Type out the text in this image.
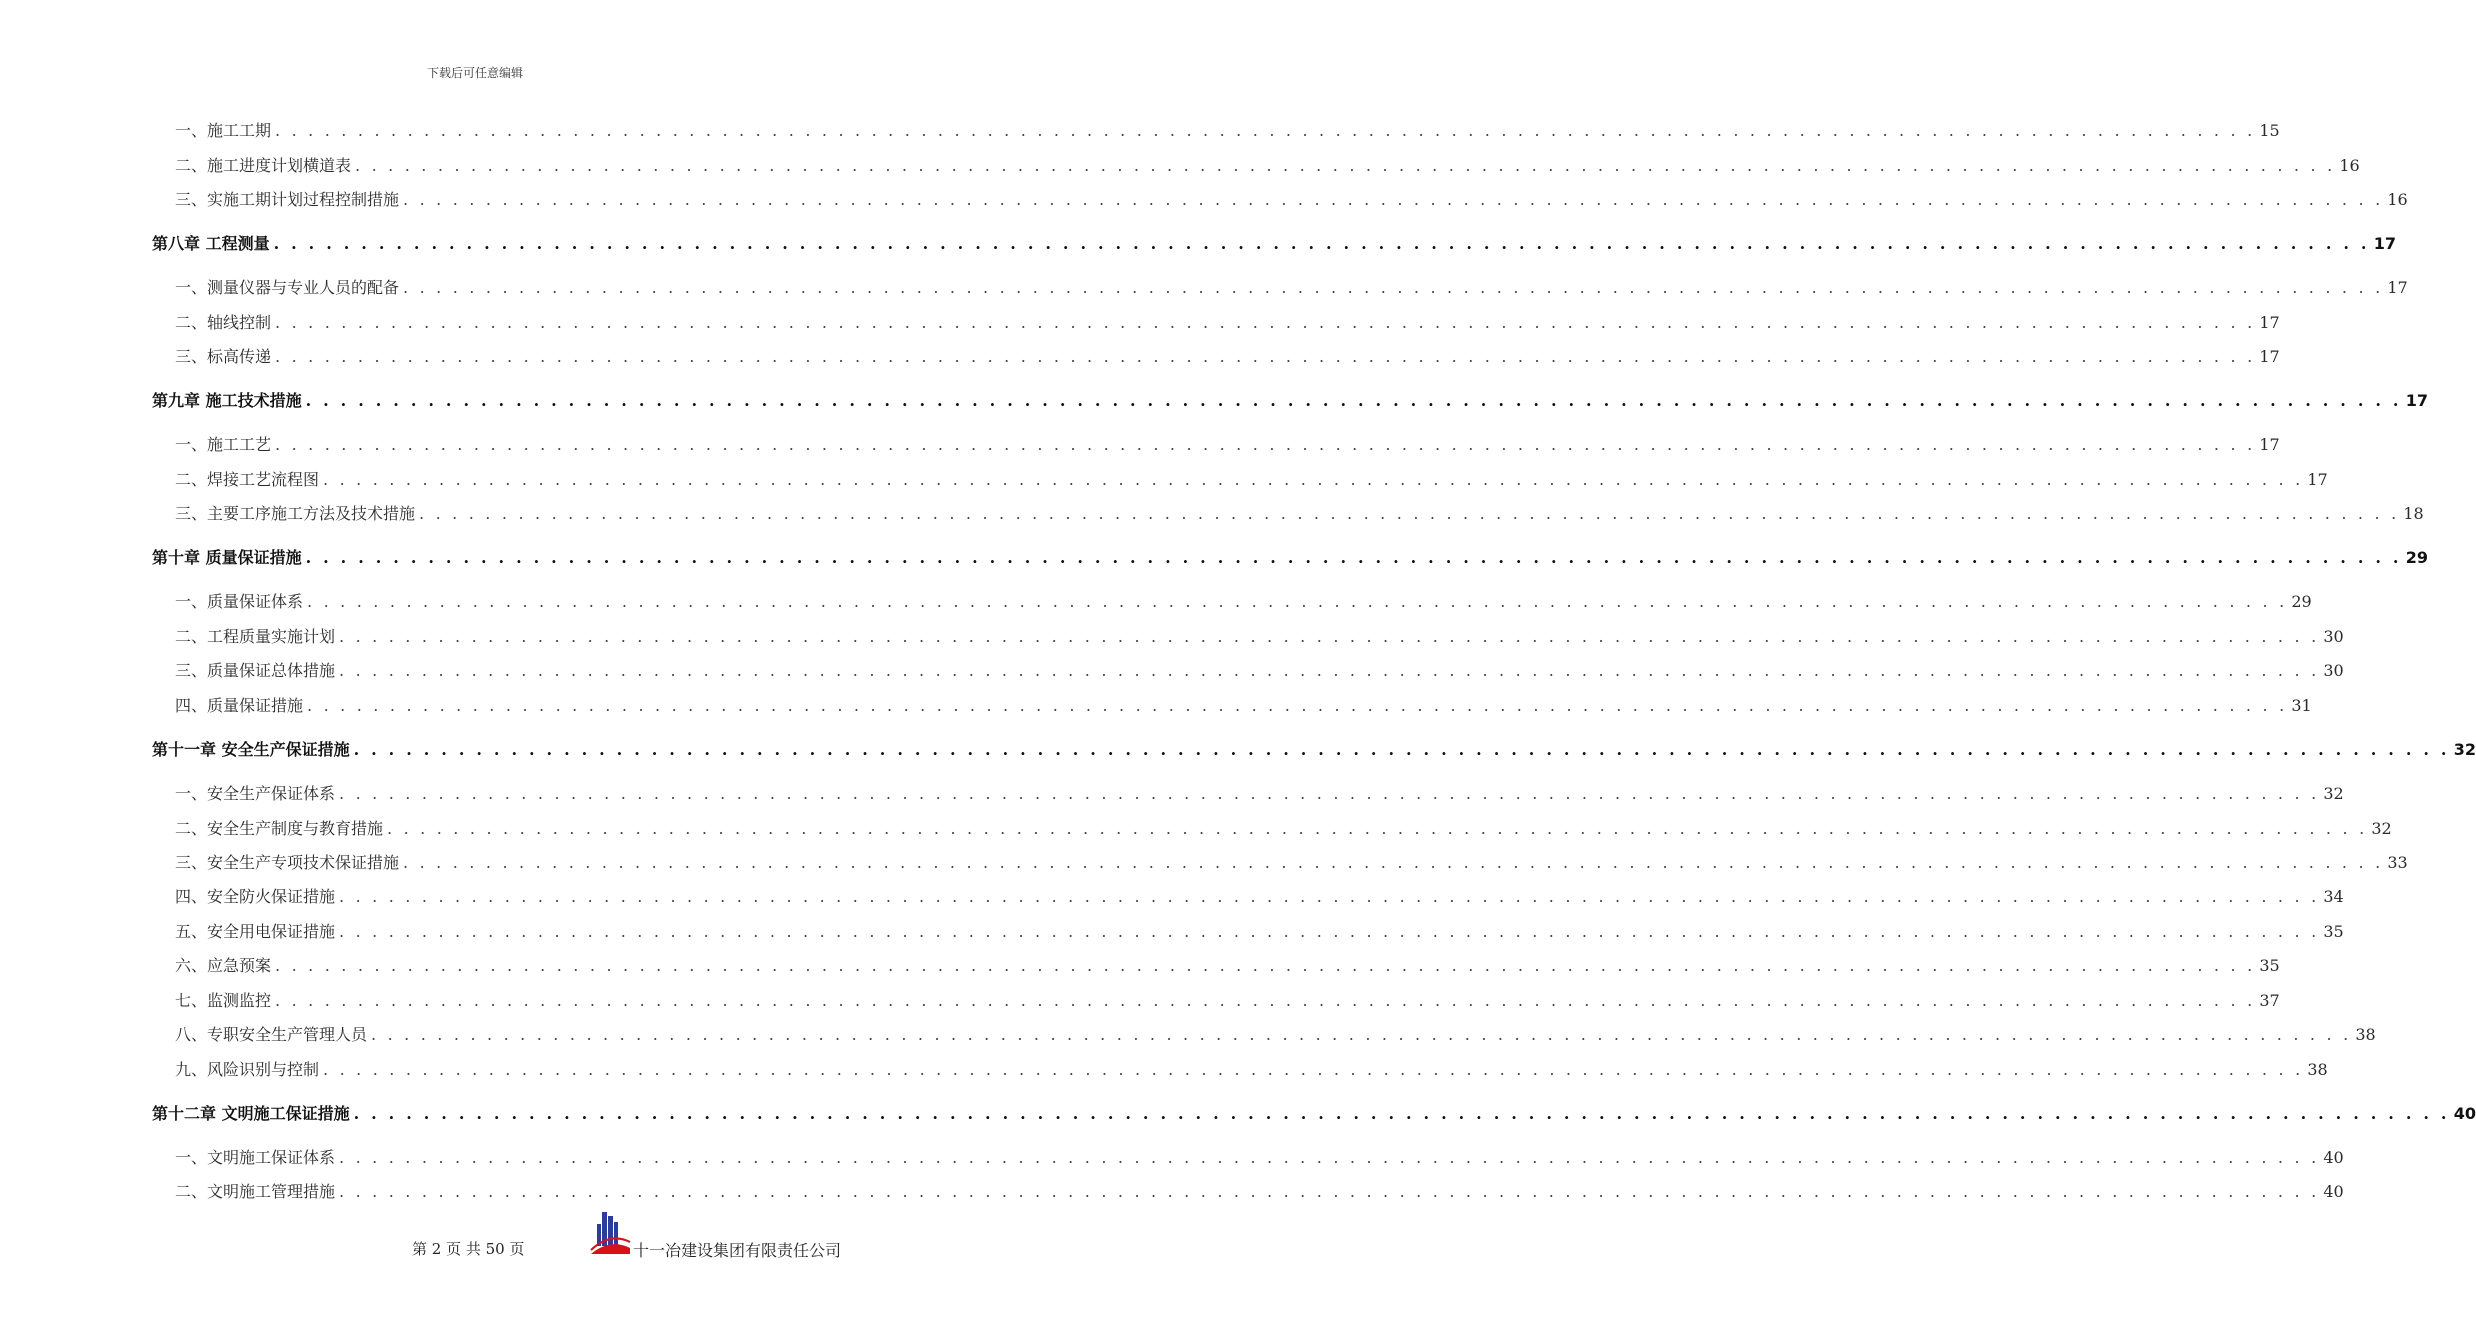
下载后可任意编辑
一、施工工期 . . . . . . . . . . . . . . . . . . . . . . . . . . . . . . . . . . . . . . . . . . . . . . . . . . . . . . . . . . . . . . . . . . . . . . . . . . . . . . . . . . . . . . . . . . . . . . . . . . . . . . . . . . . . . . . . . . . . . . . . 15
二、施工进度计划横道表 . . . . . . . . . . . . . . . . . . . . . . . . . . . . . . . . . . . . . . . . . . . . . . . . . . . . . . . . . . . . . . . . . . . . . . . . . . . . . . . . . . . . . . . . . . . . . . . . . . . . . . . . . . . . . . . . . . . . . . . . 16
三、实施工期计划过程控制措施 . . . . . . . . . . . . . . . . . . . . . . . . . . . . . . . . . . . . . . . . . . . . . . . . . . . . . . . . . . . . . . . . . . . . . . . . . . . . . . . . . . . . . . . . . . . . . . . . . . . . . . . . . . . . . . . . . . . . . . . . 16
第八章 工程测量 . . . . . . . . . . . . . . . . . . . . . . . . . . . . . . . . . . . . . . . . . . . . . . . . . . . . . . . . . . . . . . . . . . . . . . . . . . . . . . . . . . . . . . . . . . . . . . . . . . . . . . . . . . . . . . . . . . . . . . . . 17
一、测量仪器与专业人员的配备 . . . . . . . . . . . . . . . . . . . . . . . . . . . . . . . . . . . . . . . . . . . . . . . . . . . . . . . . . . . . . . . . . . . . . . . . . . . . . . . . . . . . . . . . . . . . . . . . . . . . . . . . . . . . . . . . . . . . . . . . 17
二、轴线控制 . . . . . . . . . . . . . . . . . . . . . . . . . . . . . . . . . . . . . . . . . . . . . . . . . . . . . . . . . . . . . . . . . . . . . . . . . . . . . . . . . . . . . . . . . . . . . . . . . . . . . . . . . . . . . . . . . . . . . . . . 17
三、标高传递 . . . . . . . . . . . . . . . . . . . . . . . . . . . . . . . . . . . . . . . . . . . . . . . . . . . . . . . . . . . . . . . . . . . . . . . . . . . . . . . . . . . . . . . . . . . . . . . . . . . . . . . . . . . . . . . . . . . . . . . . 17
第九章 施工技术措施 . . . . . . . . . . . . . . . . . . . . . . . . . . . . . . . . . . . . . . . . . . . . . . . . . . . . . . . . . . . . . . . . . . . . . . . . . . . . . . . . . . . . . . . . . . . . . . . . . . . . . . . . . . . . . . . . . . . . . . . . 17
一、施工工艺 . . . . . . . . . . . . . . . . . . . . . . . . . . . . . . . . . . . . . . . . . . . . . . . . . . . . . . . . . . . . . . . . . . . . . . . . . . . . . . . . . . . . . . . . . . . . . . . . . . . . . . . . . . . . . . . . . . . . . . . . 17
二、焊接工艺流程图 . . . . . . . . . . . . . . . . . . . . . . . . . . . . . . . . . . . . . . . . . . . . . . . . . . . . . . . . . . . . . . . . . . . . . . . . . . . . . . . . . . . . . . . . . . . . . . . . . . . . . . . . . . . . . . . . . . . . . . . . 17
三、主要工序施工方法及技术措施 . . . . . . . . . . . . . . . . . . . . . . . . . . . . . . . . . . . . . . . . . . . . . . . . . . . . . . . . . . . . . . . . . . . . . . . . . . . . . . . . . . . . . . . . . . . . . . . . . . . . . . . . . . . . . . . . . . . . . . . . 18
第十章 质量保证措施 . . . . . . . . . . . . . . . . . . . . . . . . . . . . . . . . . . . . . . . . . . . . . . . . . . . . . . . . . . . . . . . . . . . . . . . . . . . . . . . . . . . . . . . . . . . . . . . . . . . . . . . . . . . . . . . . . . . . . . . . 29
一、质量保证体系 . . . . . . . . . . . . . . . . . . . . . . . . . . . . . . . . . . . . . . . . . . . . . . . . . . . . . . . . . . . . . . . . . . . . . . . . . . . . . . . . . . . . . . . . . . . . . . . . . . . . . . . . . . . . . . . . . . . . . . . . 29
二、工程质量实施计划 . . . . . . . . . . . . . . . . . . . . . . . . . . . . . . . . . . . . . . . . . . . . . . . . . . . . . . . . . . . . . . . . . . . . . . . . . . . . . . . . . . . . . . . . . . . . . . . . . . . . . . . . . . . . . . . . . . . . . . . . 30
三、质量保证总体措施 . . . . . . . . . . . . . . . . . . . . . . . . . . . . . . . . . . . . . . . . . . . . . . . . . . . . . . . . . . . . . . . . . . . . . . . . . . . . . . . . . . . . . . . . . . . . . . . . . . . . . . . . . . . . . . . . . . . . . . . . 30
四、质量保证措施 . . . . . . . . . . . . . . . . . . . . . . . . . . . . . . . . . . . . . . . . . . . . . . . . . . . . . . . . . . . . . . . . . . . . . . . . . . . . . . . . . . . . . . . . . . . . . . . . . . . . . . . . . . . . . . . . . . . . . . . . 31
第十一章 安全生产保证措施 . . . . . . . . . . . . . . . . . . . . . . . . . . . . . . . . . . . . . . . . . . . . . . . . . . . . . . . . . . . . . . . . . . . . . . . . . . . . . . . . . . . . . . . . . . . . . . . . . . . . . . . . . . . . . . . . . . . . . . . . 32
一、安全生产保证体系 . . . . . . . . . . . . . . . . . . . . . . . . . . . . . . . . . . . . . . . . . . . . . . . . . . . . . . . . . . . . . . . . . . . . . . . . . . . . . . . . . . . . . . . . . . . . . . . . . . . . . . . . . . . . . . . . . . . . . . . . 32
二、安全生产制度与教育措施 . . . . . . . . . . . . . . . . . . . . . . . . . . . . . . . . . . . . . . . . . . . . . . . . . . . . . . . . . . . . . . . . . . . . . . . . . . . . . . . . . . . . . . . . . . . . . . . . . . . . . . . . . . . . . . . . . . . . . . . . 32
三、安全生产专项技术保证措施 . . . . . . . . . . . . . . . . . . . . . . . . . . . . . . . . . . . . . . . . . . . . . . . . . . . . . . . . . . . . . . . . . . . . . . . . . . . . . . . . . . . . . . . . . . . . . . . . . . . . . . . . . . . . . . . . . . . . . . . . 33
四、安全防火保证措施 . . . . . . . . . . . . . . . . . . . . . . . . . . . . . . . . . . . . . . . . . . . . . . . . . . . . . . . . . . . . . . . . . . . . . . . . . . . . . . . . . . . . . . . . . . . . . . . . . . . . . . . . . . . . . . . . . . . . . . . . 34
五、安全用电保证措施 . . . . . . . . . . . . . . . . . . . . . . . . . . . . . . . . . . . . . . . . . . . . . . . . . . . . . . . . . . . . . . . . . . . . . . . . . . . . . . . . . . . . . . . . . . . . . . . . . . . . . . . . . . . . . . . . . . . . . . . . 35
六、应急预案 . . . . . . . . . . . . . . . . . . . . . . . . . . . . . . . . . . . . . . . . . . . . . . . . . . . . . . . . . . . . . . . . . . . . . . . . . . . . . . . . . . . . . . . . . . . . . . . . . . . . . . . . . . . . . . . . . . . . . . . . 35
七、监测监控 . . . . . . . . . . . . . . . . . . . . . . . . . . . . . . . . . . . . . . . . . . . . . . . . . . . . . . . . . . . . . . . . . . . . . . . . . . . . . . . . . . . . . . . . . . . . . . . . . . . . . . . . . . . . . . . . . . . . . . . . 37
八、专职安全生产管理人员 . . . . . . . . . . . . . . . . . . . . . . . . . . . . . . . . . . . . . . . . . . . . . . . . . . . . . . . . . . . . . . . . . . . . . . . . . . . . . . . . . . . . . . . . . . . . . . . . . . . . . . . . . . . . . . . . . . . . . . . . 38
九、风险识别与控制 . . . . . . . . . . . . . . . . . . . . . . . . . . . . . . . . . . . . . . . . . . . . . . . . . . . . . . . . . . . . . . . . . . . . . . . . . . . . . . . . . . . . . . . . . . . . . . . . . . . . . . . . . . . . . . . . . . . . . . . . 38
第十二章 文明施工保证措施 . . . . . . . . . . . . . . . . . . . . . . . . . . . . . . . . . . . . . . . . . . . . . . . . . . . . . . . . . . . . . . . . . . . . . . . . . . . . . . . . . . . . . . . . . . . . . . . . . . . . . . . . . . . . . . . . . . . . . . . . 40
一、文明施工保证体系 . . . . . . . . . . . . . . . . . . . . . . . . . . . . . . . . . . . . . . . . . . . . . . . . . . . . . . . . . . . . . . . . . . . . . . . . . . . . . . . . . . . . . . . . . . . . . . . . . . . . . . . . . . . . . . . . . . . . . . . . 40
二、文明施工管理措施 . . . . . . . . . . . . . . . . . . . . . . . . . . . . . . . . . . . . . . . . . . . . . . . . . . . . . . . . . . . . . . . . . . . . . . . . . . . . . . . . . . . . . . . . . . . . . . . . . . . . . . . . . . . . . . . . . . . . . . . . 40
第 2 页 共 50 页	十一冶建设集团有限责任公司
